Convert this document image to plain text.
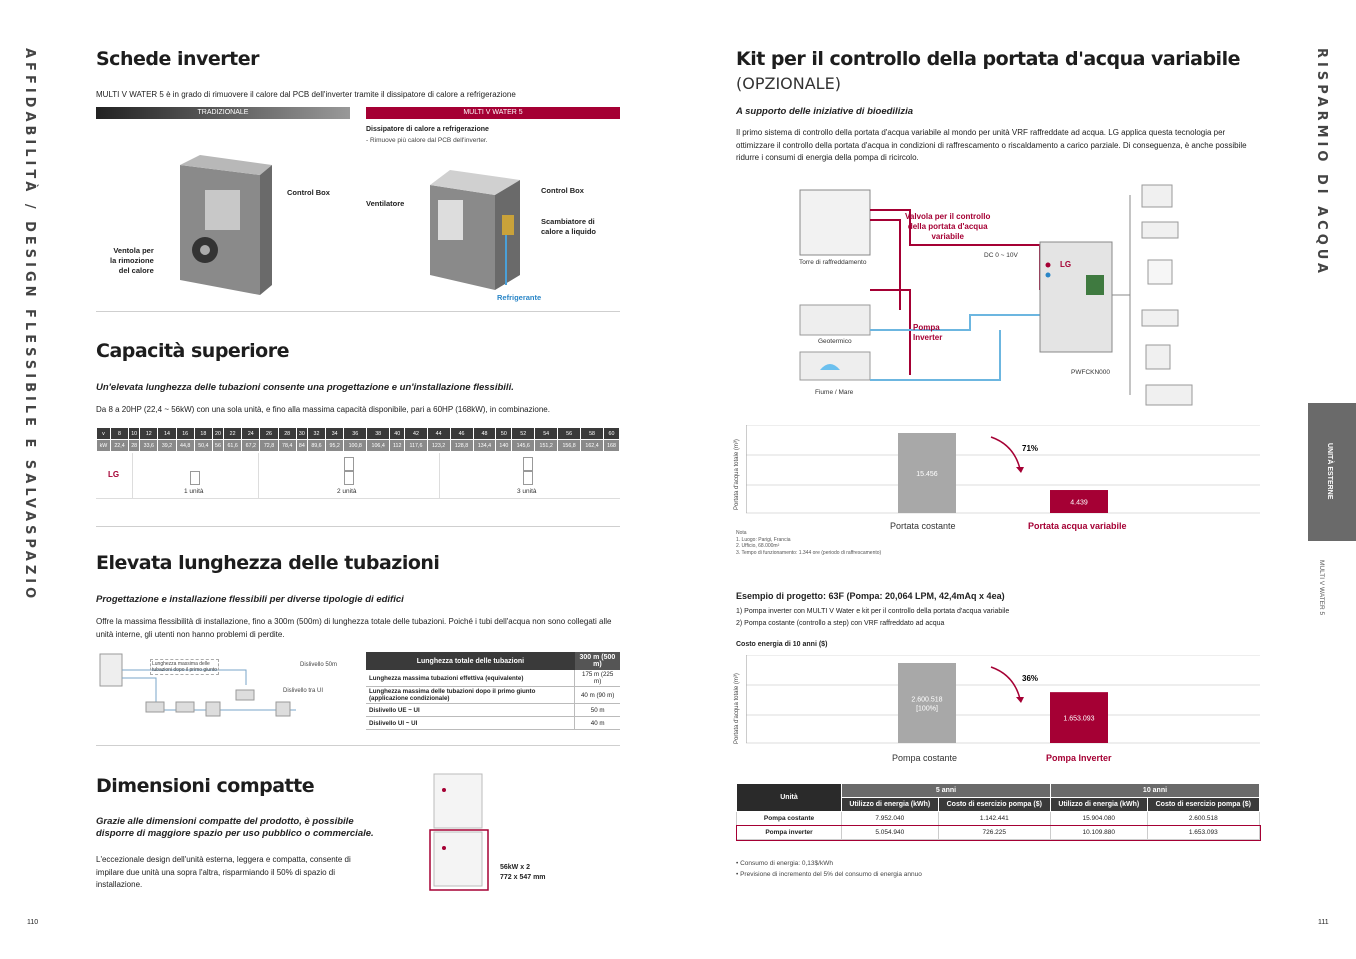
AFFIDABILITÀ / DESIGN FLESSIBILE E SALVASPAZIO	RISPARMIO DI ACQUA
UNITÀ ESTERNE
MULTI V WATER 5
110	111
Schede inverter
MULTI V WATER 5 è in grado di rimuovere il calore dal PCB dell'inverter tramite il dissipatore di calore a refrigerazione
TRADIZIONALE	MULTI V WATER 5
Dissipatore di calore a refrigerazione
- Rimuove più calore dal PCB dell'inverter.
Control Box
Ventola per
la rimozione
del calore
Ventilatore
Control Box
Scambiatore di
calore a liquido
Refrigerante
Capacità superiore
Un'elevata lunghezza delle tubazioni consente una progettazione e un'installazione flessibili.
Da 8 a 20HP (22,4 ~ 56kW) con una sola unità, e fino alla massima capacità disponibile, pari a 60HP (168kW), in combinazione.
v	8	10	12	14	16	18	20	22	24	26	28	30	32	34	36	38	40	42	44	46	48	50	52	54	56	58	60
kW	22,4	28	33,6	39,2	44,8	50,4	56	61,6	67,2	72,8	78,4	84	89,6	95,2	100,8	106,4	112	117,6	123,2	128,8	134,4	140	145,6	151,2	156,8	162,4	168
LG
1 unità	2 unità	3 unità
Elevata lunghezza delle tubazioni
Progettazione e installazione flessibili per diverse tipologie di edifici
Offre la massima flessibilità di installazione, fino a 300m (500m) di lunghezza totale delle tubazioni. Poiché i tubi dell'acqua non sono collegati alle unità interne, gli utenti non hanno problemi di perdite.
Lunghezza massima delle
tubazioni dopo il primo giunto
Dislivello 50m
Dislivello tra UI
Lunghezza totale delle tubazioni	300 m (500 m)
Lunghezza massima tubazioni effettiva (equivalente)	175 m (225 m)
Lunghezza massima delle tubazioni dopo il primo giunto (applicazione condizionale)	40 m (90 m)
Dislivello UE ~ UI	50 m
Dislivello UI ~ UI	40 m
Dimensioni compatte
Grazie alle dimensioni compatte del prodotto, è possibile disporre di maggiore spazio per uso pubblico o commerciale.
L'eccezionale design dell'unità esterna, leggera e compatta, consente di impilare due unità una sopra l'altra, risparmiando il 50% di spazio di installazione.
56kW x 2
772 x 547 mm
Kit per il controllo della portata d'acqua variabile
(OPZIONALE)
A supporto delle iniziative di bioedilizia
Il primo sistema di controllo della portata d'acqua variabile al mondo per unità VRF raffreddate ad acqua. LG applica questa tecnologia per ottimizzare il controllo della portata d'acqua in condizioni di raffrescamento o riscaldamento a carico parziale. Di conseguenza, è anche possibile ridurre i consumi di energia della pompa di ricircolo.
Torre di raffreddamento
Valvola per il controllo
della portata d'acqua
variabile
DC 0 ~ 10V
Geotermico
Pompa
Inverter
Fiume / Mare
PWFCKN000
LG
Portata d'acqua totale (m³)	15.456
4.439
71%
Portata costante	Portata acqua variabile
Nota
1. Luogo: Parigi, Francia
2. Ufficio, 68.000m²
3. Tempo di funzionamento: 1.344 ore (periodo di raffrescamento)
Esempio di progetto: 63F (Pompa: 20,064 LPM, 42,4mAq x 4ea)
1) Pompa inverter con MULTI V Water e kit per il controllo della portata d'acqua variabile
2) Pompa costante (controllo a step) con VRF raffreddato ad acqua
Costo energia di 10 anni ($)
Portata d'acqua totale (m³)	2.600.518
[100%]
1.653.093
36%
Pompa costante	Pompa Inverter
Unità	5 anni		10 anni	
	Utilizzo di energia (kWh)	Costo di esercizio pompa ($)	Utilizzo di energia (kWh)	Costo di esercizio pompa ($)
Pompa costante	7.952.040	1.142.441	15.904.080	2.600.518
Pompa inverter	5.054.940	726.225	10.109.880	1.653.093
• Consumo di energia: 0,13$/kWh
• Previsione di incremento del 5% del consumo di energia annuo
